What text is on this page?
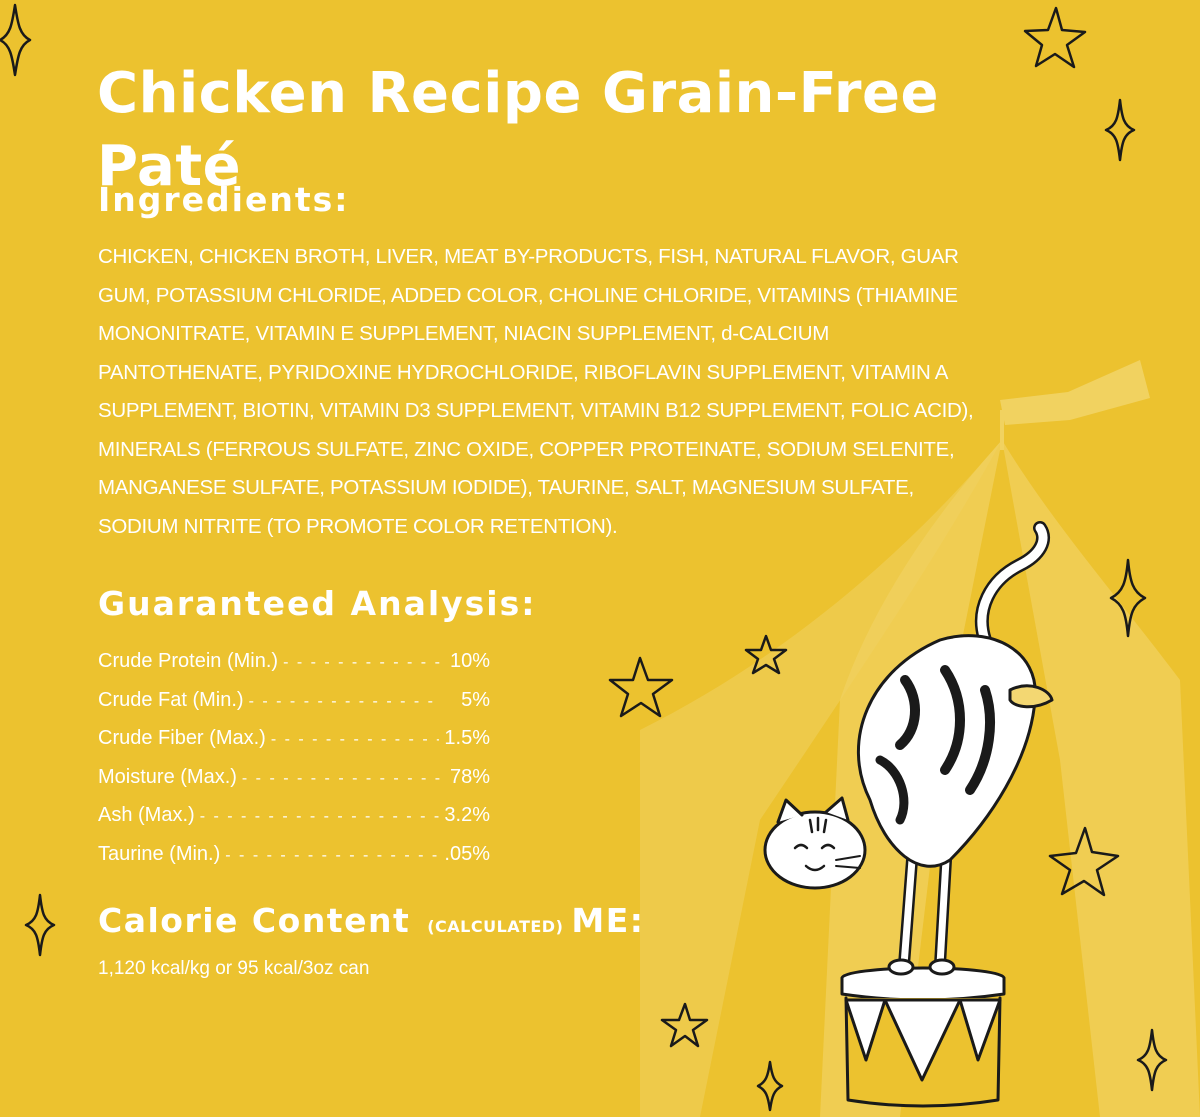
Chicken Recipe Grain-Free Paté
Ingredients:
CHICKEN, CHICKEN BROTH, LIVER, MEAT BY-PRODUCTS, FISH, NATURAL FLAVOR, GUAR GUM, POTASSIUM CHLORIDE, ADDED COLOR, CHOLINE CHLORIDE, VITAMINS (THIAMINE MONONITRATE, VITAMIN E SUPPLEMENT, NIACIN SUPPLEMENT, d-CALCIUM PANTOTHENATE, PYRIDOXINE HYDROCHLORIDE, RIBOFLAVIN SUPPLEMENT, VITAMIN A SUPPLEMENT, BIOTIN, VITAMIN D3 SUPPLEMENT, VITAMIN B12 SUPPLEMENT, FOLIC ACID), MINERALS (FERROUS SULFATE, ZINC OXIDE, COPPER PROTEINATE, SODIUM SELENITE, MANGANESE SULFATE, POTASSIUM IODIDE), TAURINE, SALT, MAGNESIUM SULFATE, SODIUM NITRITE (TO PROMOTE COLOR RETENTION).
Guaranteed Analysis:
Crude Protein (Min.) - - -	10%
Crude Fat (Min.) - - -	5%
Crude Fiber (Max.) - - -	1.5%
Moisture (Max.) - - -	78%
Ash (Max.) - - -	3.2%
Taurine (Min.) - - -	.05%
Calorie Content (CALCULATED) ME:
1,120 kcal/kg or 95 kcal/3oz can
